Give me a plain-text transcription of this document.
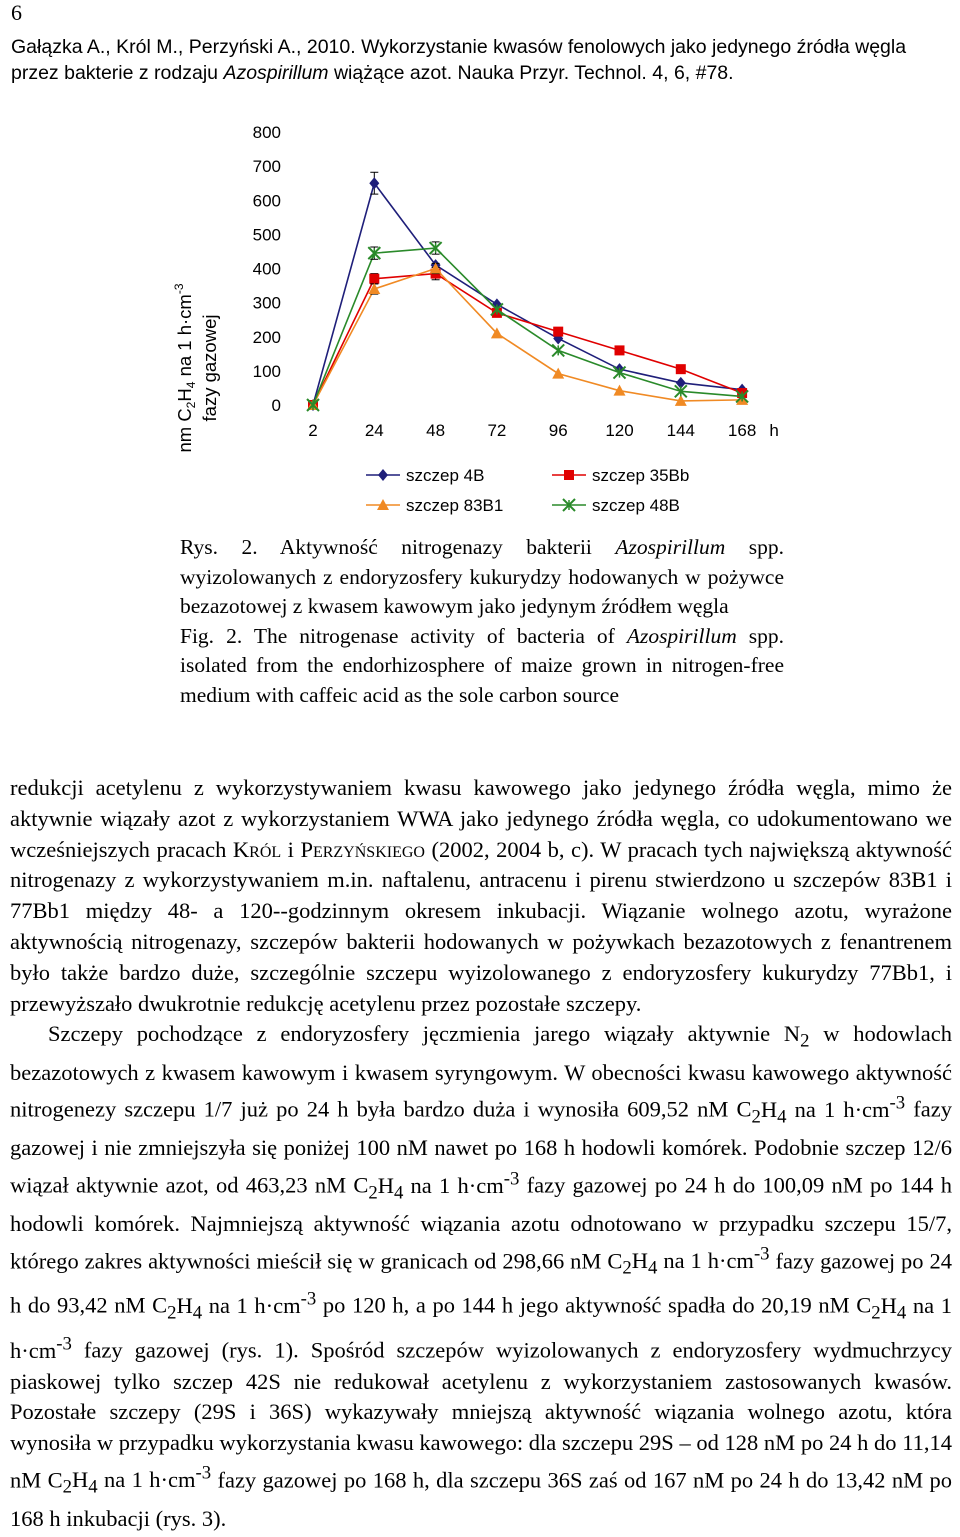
6
Gałązka A., Król M., Perzyński A., 2010. Wykorzystanie kwasów fenolowych jako jedynego źródła węgla przez bakterie z rodzaju Azospirillum wiążące azot. Nauka Przyr. Technol. 4, 6, #78.
nm $C_2H_4$ na 1 $h\cdot cm^{-3}$
fazy gazowej	0
100
200
300
400
500
600
700
800
2	24 48 72 96 120 144 168 h
szczep 4B	szczep 35Bb
szczep 83B1	szczep 48B
Rys. 2. Aktywność nitrogenazy bakterii Azospirillum spp. wyizolowanych z endoryzosfery kukurydzy hodowanych w pożywce bezazotowej z kwasem kawowym jako jedynym źródłem węgla
Fig. 2. The nitrogenase activity of bacteria of Azospirillum spp. isolated from the endorhizosphere of maize grown in nitrogen-free medium with caffeic acid as the sole carbon source

redukcji acetylenu z wykorzystywaniem kwasu kawowego jako jedynego źródła węgla, mimo że aktywnie wiązały azot z wykorzystaniem WWA jako jedynego źródła węgla, co udokumentowano we wcześniejszych pracach Król i Perzyńskiego (2002, 2004 b, c). W pracach tych największą aktywność nitrogenazy z wykorzystywaniem m.in. naftalenu, antracenu i pirenu stwierdzono u szczepów 83B1 i 77Bb1 między 48- a 120--godzinnym okresem inkubacji. Wiązanie wolnego azotu, wyrażone aktywnością nitrogenazy, szczepów bakterii hodowanych w pożywkach bezazotowych z fenantrenem było także bardzo duże, szczególnie szczepu wyizolowanego z endoryzosfery kukurydzy 77Bb1, i przewyższało dwukrotnie redukcję acetylenu przez pozostałe szczepy.

Szczepy pochodzące z endoryzosfery jęczmienia jarego wiązały aktywnie $N_2$ w hodowlach bezazotowych z kwasem kawowym i kwasem syryngowym. W obecności kwasu kawowego aktywność nitrogenezy szczepu 1/7 już po 24 h była bardzo duża i wynosiła 609,52 nM $C_2H_4$ na 1 $h\cdot cm^{-3}$ fazy gazowej i nie zmniejszyła się poniżej 100 nM nawet po 168 h hodowli komórek. Podobnie szczep 12/6 wiązał aktywnie azot, od 463,23 nM $C_2H_4$ na 1 $h\cdot cm^{-3}$ fazy gazowej po 24 h do 100,09 nM po 144 h hodowli komórek. Najmniejszą aktywność wiązania azotu odnotowano w przypadku szczepu 15/7, którego zakres aktywności mieścił się w granicach od 298,66 nM $C_2H_4$ na 1 $h\cdot cm^{-3}$ fazy gazowej po 24 h do 93,42 nM $C_2H_4$ na 1 $h\cdot cm^{-3}$ po 120 h, a po 144 h jego aktywność spadła do 20,19 nM $C_2H_4$ na 1 $h\cdot cm^{-3}$ fazy gazowej (rys. 1). Spośród szczepów wyizolowanych z endoryzosfery wydmuchrzycy piaskowej tylko szczep 42S nie redukował acetylenu z wykorzystaniem zastosowanych kwasów. Pozostałe szczepy (29S i 36S) wykazywały mniejszą aktywność wiązania wolnego azotu, która wynosiła w przypadku wykorzystania kwasu kawowego: dla szczepu 29S – od 128 nM po 24 h do 11,14 nM $C_2H_4$ na 1 $h\cdot cm^{-3}$ fazy gazowej po 168 h, dla szczepu 36S zaś od 167 nM po 24 h do 13,42 nM po 168 h inkubacji (rys. 3).
